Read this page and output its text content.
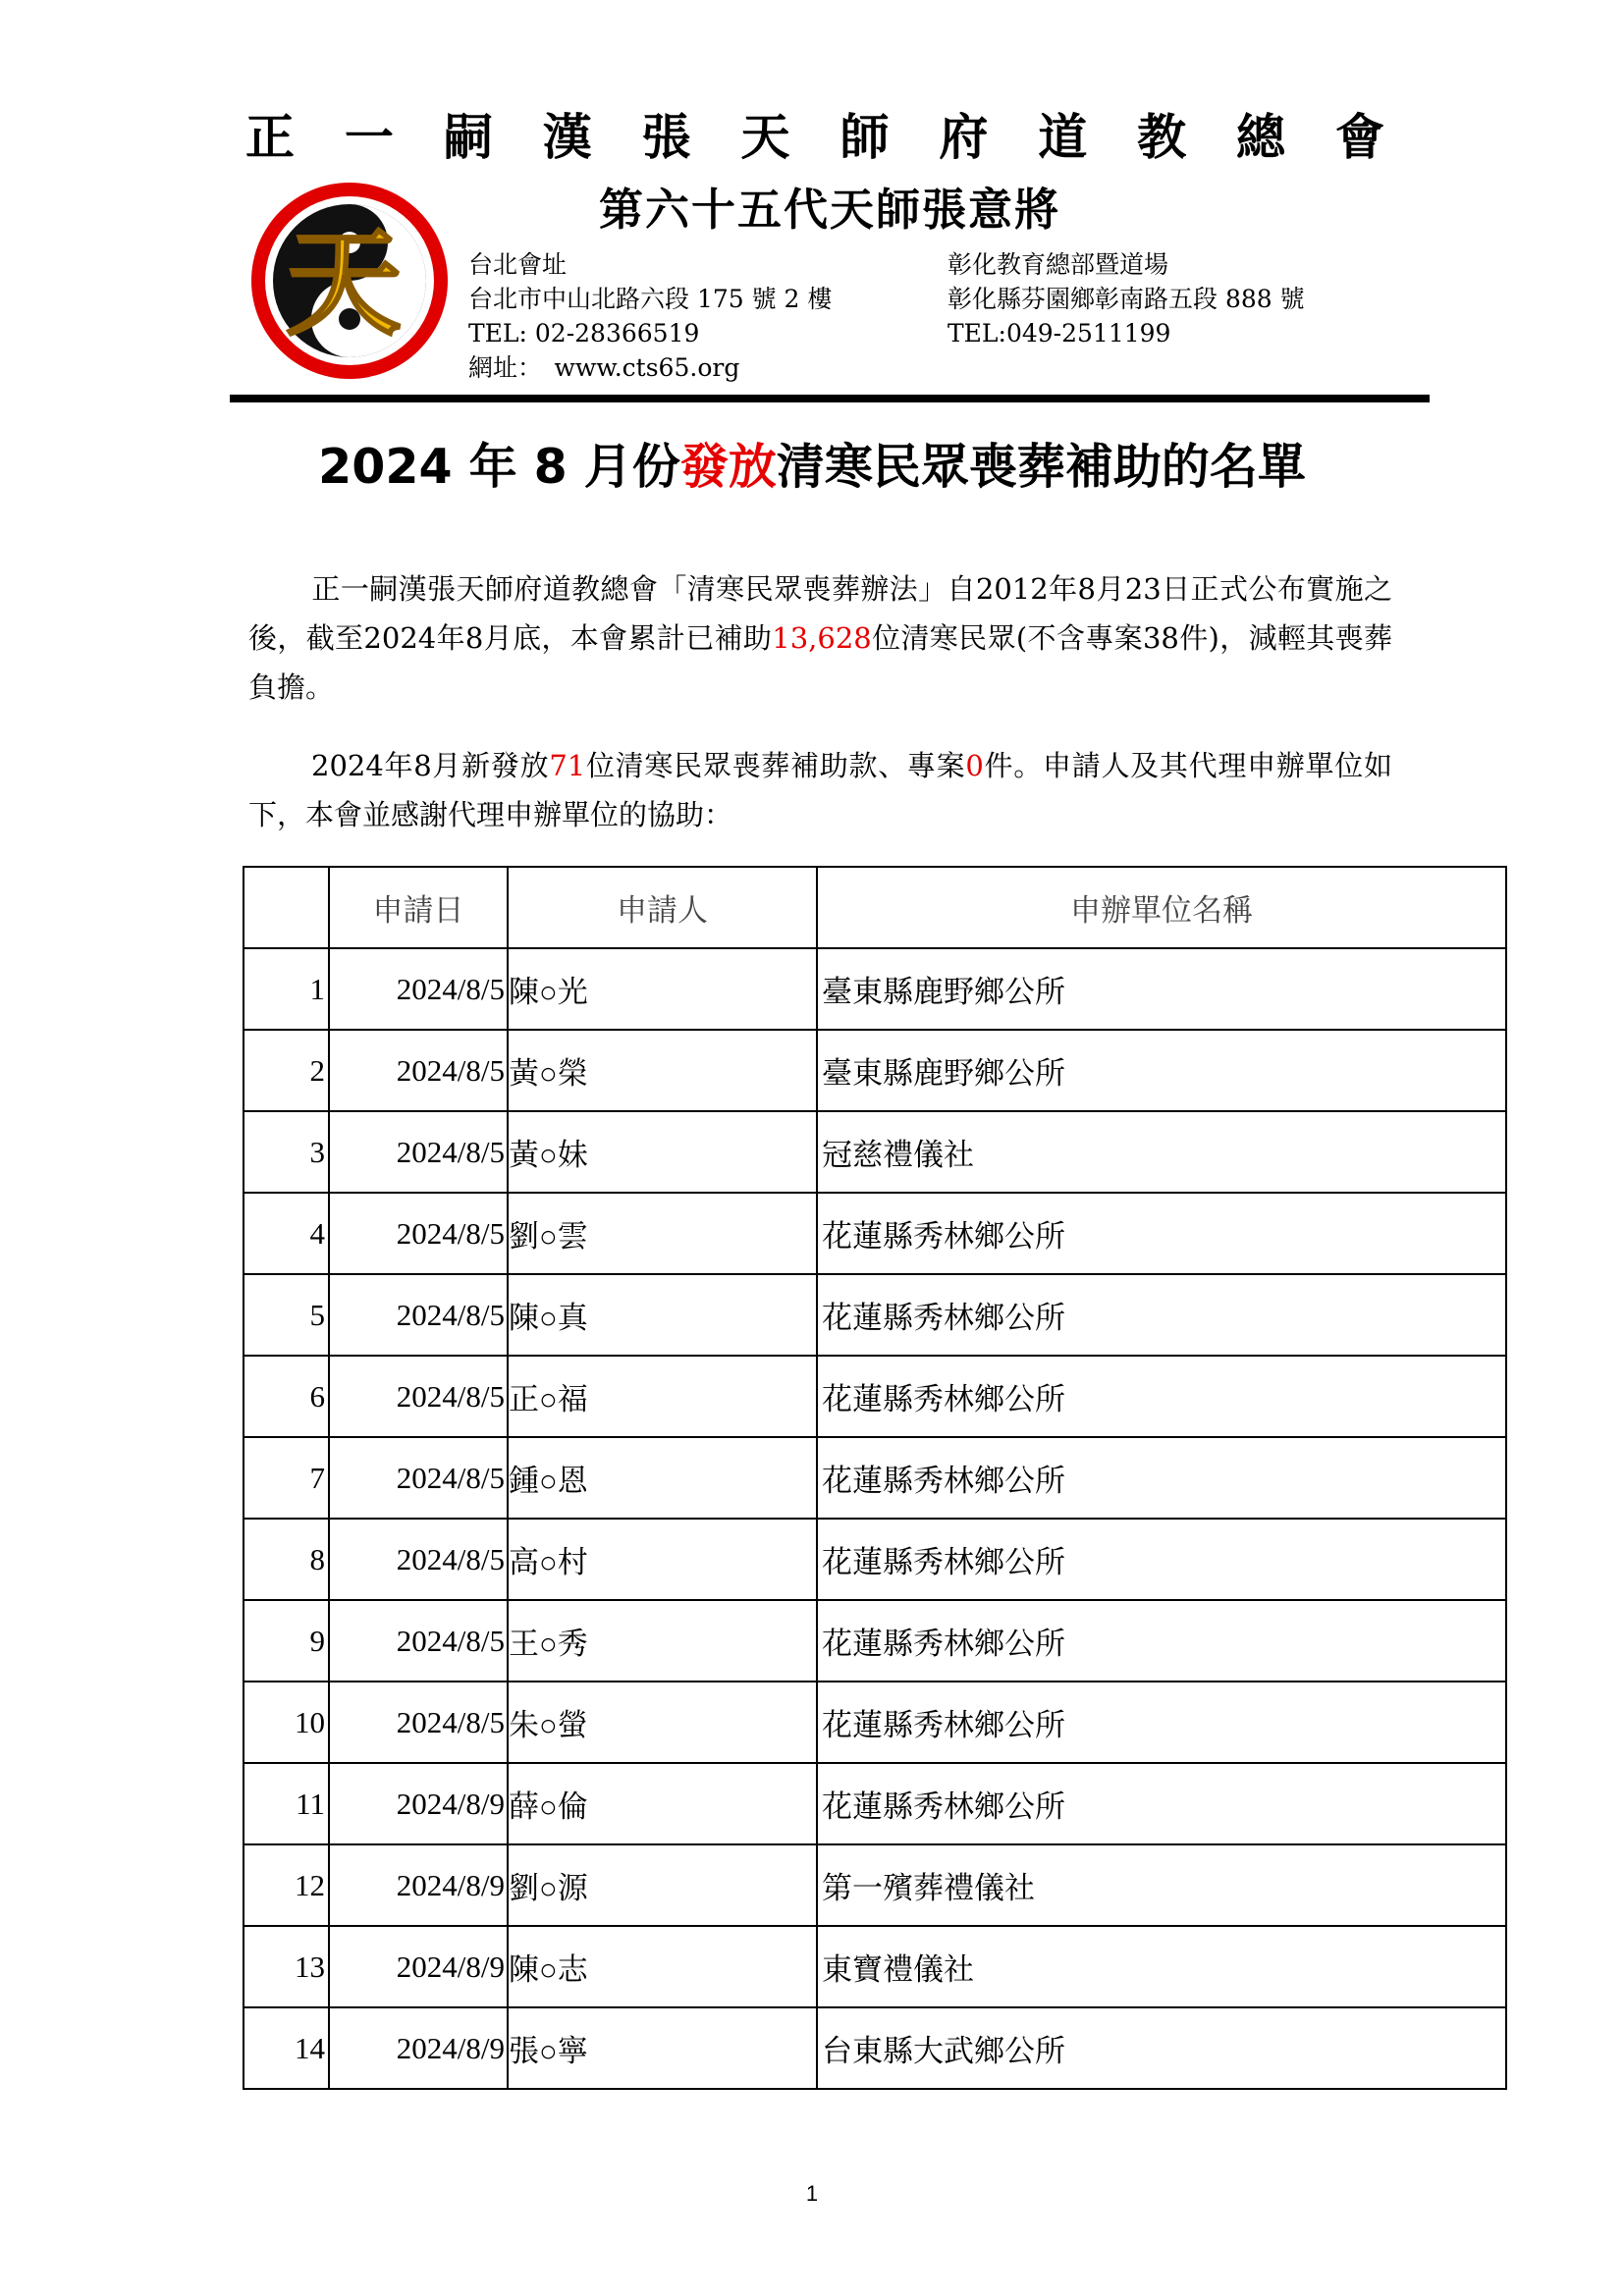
正 一 嗣 漢 張 天 師 府 道 教 總 會
第六十五代天師張意將
天	台北會址
台北市中山北路六段 175 號 2 樓
TEL: 02-28366519
網址：　www.cts65.org
彰化教育總部暨道場
彰化縣芬園鄉彰南路五段 888 號
TEL:049-2511199
2024 年 8 月份發放清寒民眾喪葬補助的名單
正一嗣漢張天師府道教總會「清寒民眾喪葬辦法」自2012年8月23日正式公布實施之後，截至2024年8月底，本會累計已補助13,628位清寒民眾(不含專案38件)，減輕其喪葬負擔。
2024年8月新發放71位清寒民眾喪葬補助款、專案0件。申請人及其代理申辦單位如下，本會並感謝代理申辦單位的協助：
	申請日	申請人	申辦單位名稱
1	2024/8/5	陳○光	臺東縣鹿野鄉公所
2	2024/8/5	黃○榮	臺東縣鹿野鄉公所
3	2024/8/5	黃○妹	冠慈禮儀社
4	2024/8/5	劉○雲	花蓮縣秀林鄉公所
5	2024/8/5	陳○真	花蓮縣秀林鄉公所
6	2024/8/5	正○福	花蓮縣秀林鄉公所
7	2024/8/5	鍾○恩	花蓮縣秀林鄉公所
8	2024/8/5	高○村	花蓮縣秀林鄉公所
9	2024/8/5	王○秀	花蓮縣秀林鄉公所
10	2024/8/5	朱○螢	花蓮縣秀林鄉公所
11	2024/8/9	薛○倫	花蓮縣秀林鄉公所
12	2024/8/9	劉○源	第一殯葬禮儀社
13	2024/8/9	陳○志	東寶禮儀社
14	2024/8/9	張○寧	台東縣大武鄉公所
1
